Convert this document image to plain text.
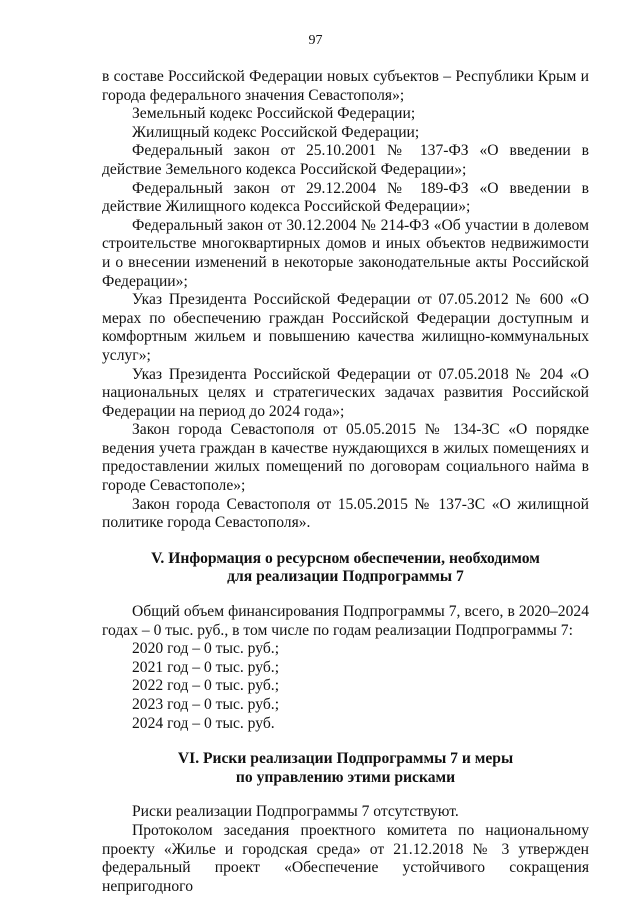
97

в составе Российской Федерации новых субъектов – Республики Крым и города федерального значения Севастополя»;

Земельный кодекс Российской Федерации;

Жилищный кодекс Российской Федерации;

Федеральный закон от 25.10.2001 № 137-ФЗ «О введении в действие Земельного кодекса Российской Федерации»;

Федеральный закон от 29.12.2004 № 189-ФЗ «О введении в действие Жилищного кодекса Российской Федерации»;

Федеральный закон от 30.12.2004 № 214-ФЗ «Об участии в долевом строительстве многоквартирных домов и иных объектов недвижимости и о внесении изменений в некоторые законодательные акты Российской Федерации»;

Указ Президента Российской Федерации от 07.05.2012 № 600 «О мерах по обеспечению граждан Российской Федерации доступным и комфортным жильем и повышению качества жилищно-коммунальных услуг»;

Указ Президента Российской Федерации от 07.05.2018 № 204 «О национальных целях и стратегических задачах развития Российской Федерации на период до 2024 года»;

Закон города Севастополя от 05.05.2015 № 134-ЗС «О порядке ведения учета граждан в качестве нуждающихся в жилых помещениях и предоставлении жилых помещений по договорам социального найма в городе Севастополе»;

Закон города Севастополя от 15.05.2015 № 137-ЗС «О жилищной политике города Севастополя».

V. Информация о ресурсном обеспечении, необходимом

для реализации Подпрограммы 7

Общий объем финансирования Подпрограммы 7, всего, в 2020–2024 годах – 0 тыс. руб., в том числе по годам реализации Подпрограммы 7:

2020 год – 0 тыс. руб.;

2021 год – 0 тыс. руб.;

2022 год – 0 тыс. руб.;

2023 год – 0 тыс. руб.;

2024 год – 0 тыс. руб.

VI. Риски реализации Подпрограммы 7 и меры

по управлению этими рисками

Риски реализации Подпрограммы 7 отсутствуют.

Протоколом заседания проектного комитета по национальному проекту «Жилье и городская среда» от 21.12.2018 № 3 утвержден федеральный проект «Обеспечение устойчивого сокращения непригодного
